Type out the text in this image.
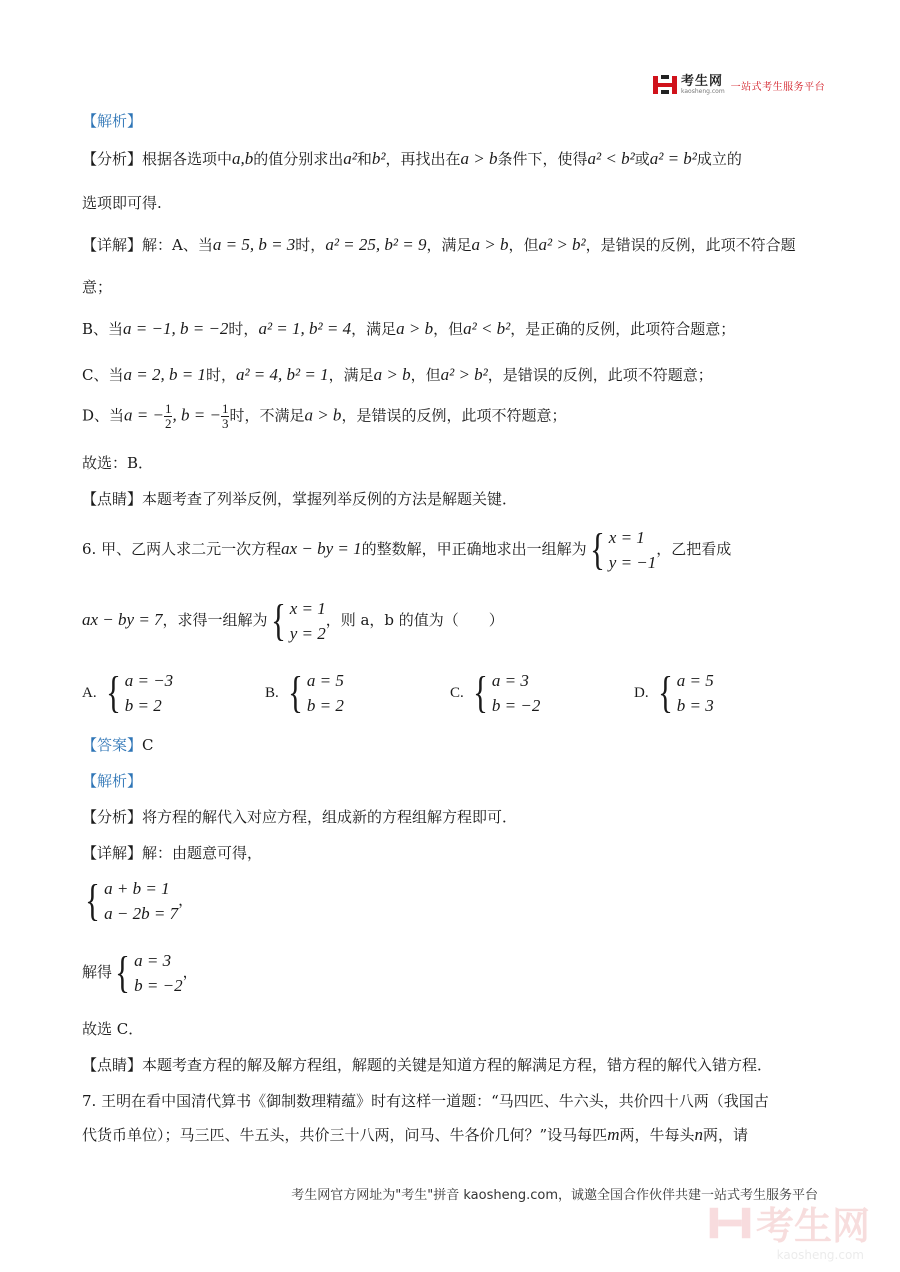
考生网
kaosheng.com 一站式考生服务平台
【解析】
【分析】根据各选项中a,b的值分别求出a²和b²，再找出在a > b条件下，使得a² < b²或a² = b²成立的
选项即可得.
【详解】解：A、当a = 5, b = 3时，a² = 25, b² = 9，满足a > b，但a² > b²，是错误的反例，此项不符合题
意；
B、当a = −1, b = −2时，a² = 1, b² = 4，满足a > b，但a² < b²，是正确的反例，此项符合题意；
C、当a = 2, b = 1时，a² = 4, b² = 1，满足a > b，但a² > b²，是错误的反例，此项不符题意；
D、当a = − $\frac{1}{2}$ , b = − $\frac{1}{3}$ 时，不满足a > b，是错误的反例，此项不符题意；
故选：B．
【点睛】本题考查了列举反例，掌握列举反例的方法是解题关键．
6. 甲、乙两人求二元一次方程ax − by = 1的整数解，甲正确地求出一组解为 { x = 1
y = −1
，乙把看成
ax − by = 7，求得一组解为 { x = 1
y = 2
，则 a，b 的值为（　　）
A. { a = −3
b = 2
B. { a = 5
b = 2
C. { a = 3
b = −2
D. { a = 5
b = 3
【答案】C
【解析】
【分析】将方程的解代入对应方程，组成新的方程组解方程即可．
【详解】解：由题意可得，
{ a + b = 1
a − 2b = 7
，
解得 { a = 3
b = −2
，
故选 C．
【点睛】本题考查方程的解及解方程组，解题的关键是知道方程的解满足方程，错方程的解代入错方程．
7. 王明在看中国清代算书《御制数理精蕴》时有这样一道题：“马四匹、牛六头，共价四十八两（我国古
代货币单位）；马三匹、牛五头，共价三十八两，问马、牛各价几何？”设马每匹m两，牛每头n两，请
考生网官方网址为"考生"拼音 kaosheng.com，诚邀全国合作伙伴共建一站式考生服务平台
考生网
kaosheng.com
